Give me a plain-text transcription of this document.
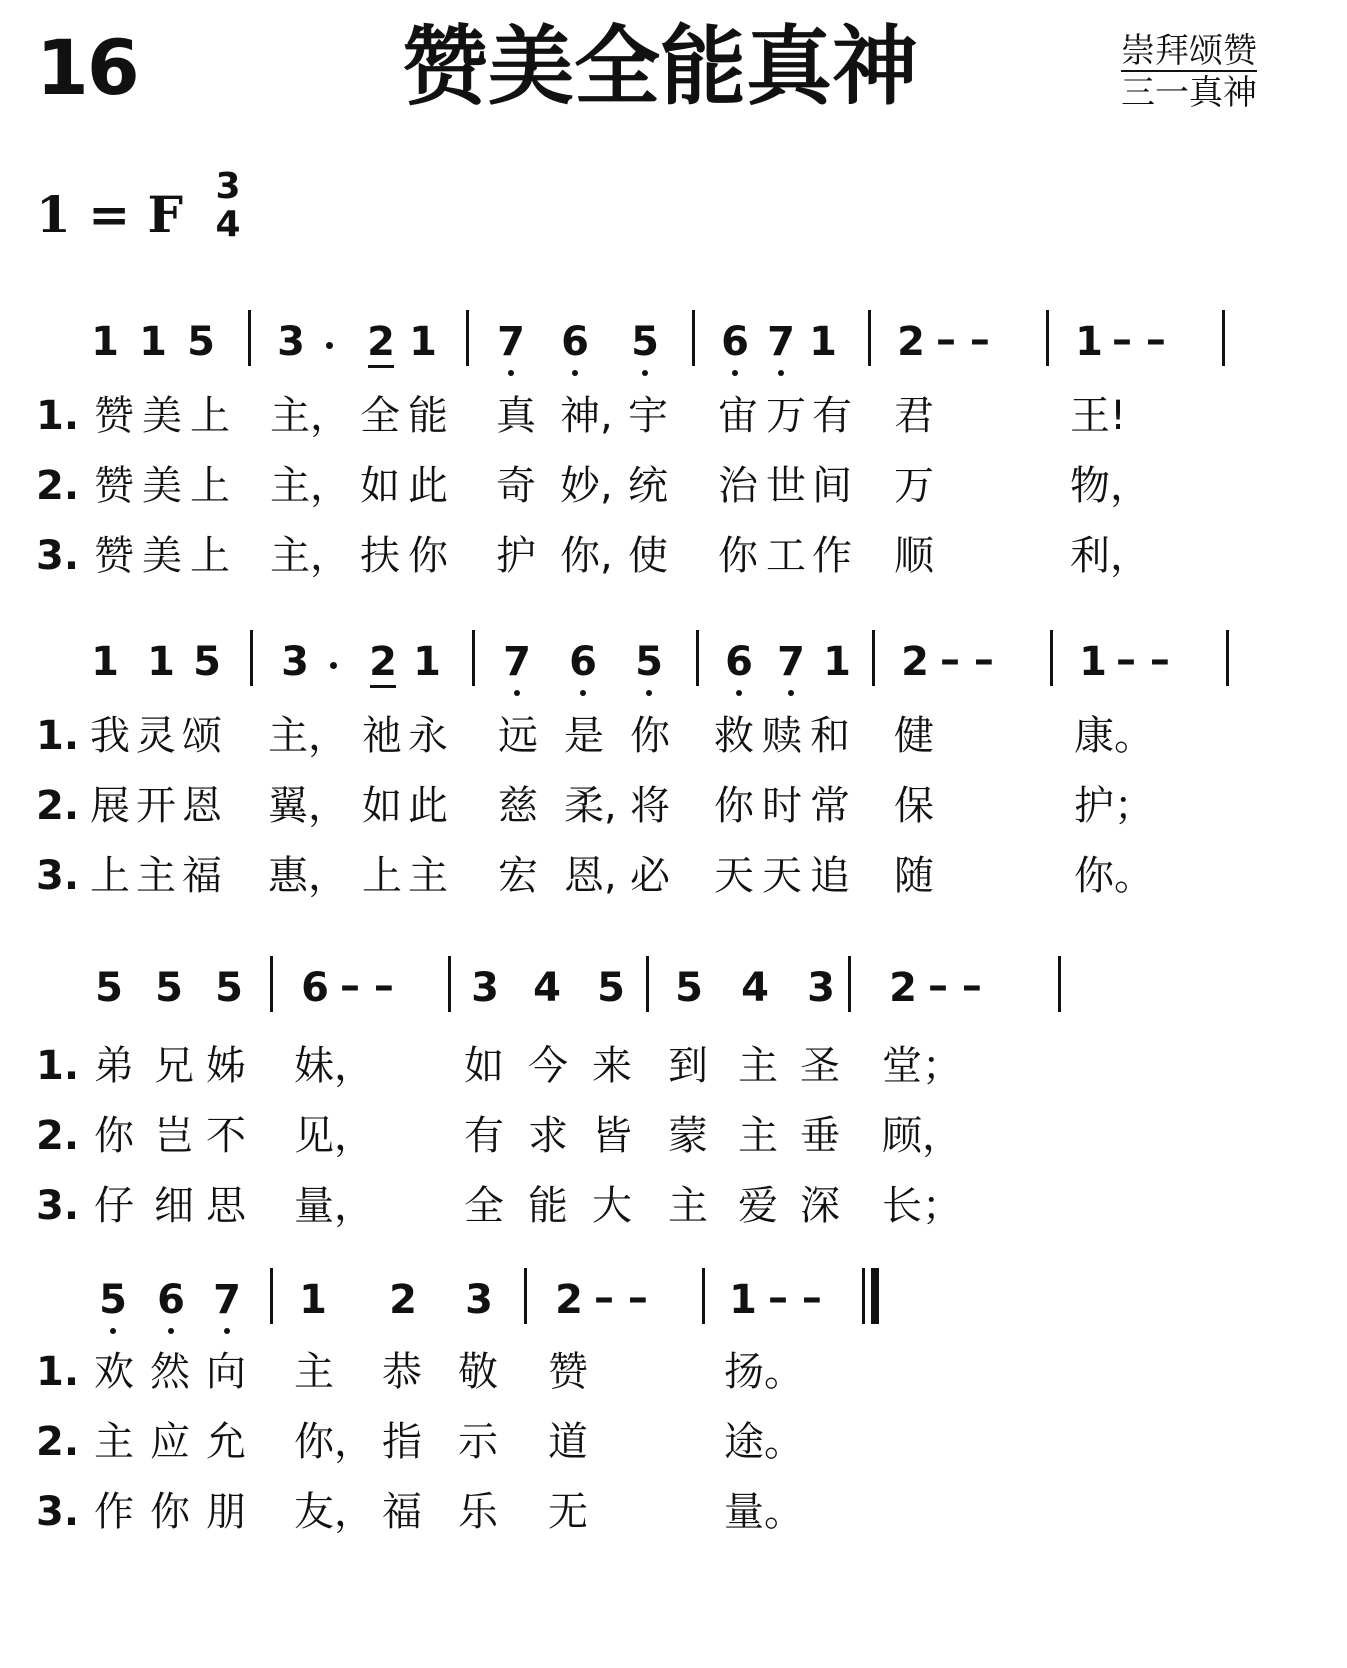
16	赞美全能真神	崇拜颂赞
三一真神
1 = F 3
4
1 1 5 3 2 1 7 6 5 6 7 1 2	1
– –	– –
1. 赞 美 上 主， 全 能 真 神, 宇 宙 万 有 君	王!
2. 赞 美 上 主， 如 此 奇 妙, 统 治 世 间 万	物，
3. 赞 美 上 主， 扶 你 护 你, 使 你 工 作 顺	利，
1 1 5 3 2 1 7 6 5 6 7 1 2	1
– –	– –
1. 我 灵 颂 主， 祂 永 远 是 你 救 赎 和 健	康。
2. 展 开 恩 翼， 如 此 慈 柔, 将 你 时 常 保	护；
3. 上 主 福 惠， 上 主 宏 恩, 必 天 天 追 随	你。
5 5 5 6	3 4 5 5 4 3 2
– –	– –
1. 弟 兄 姊 妹， 如 今 来 到 主 圣 堂；
2. 你 岂 不 见， 有 求 皆 蒙 主 垂 顾，
3. 仔 细 思 量， 全 能 大 主 爱 深 长；
5 6 7 1 2 3 2	1
– –	– –
1. 欢 然 向 主 恭 敬 赞	扬。
2. 主 应 允 你， 指 示 道	途。
3. 作 你 朋 友， 福 乐 无	量。
